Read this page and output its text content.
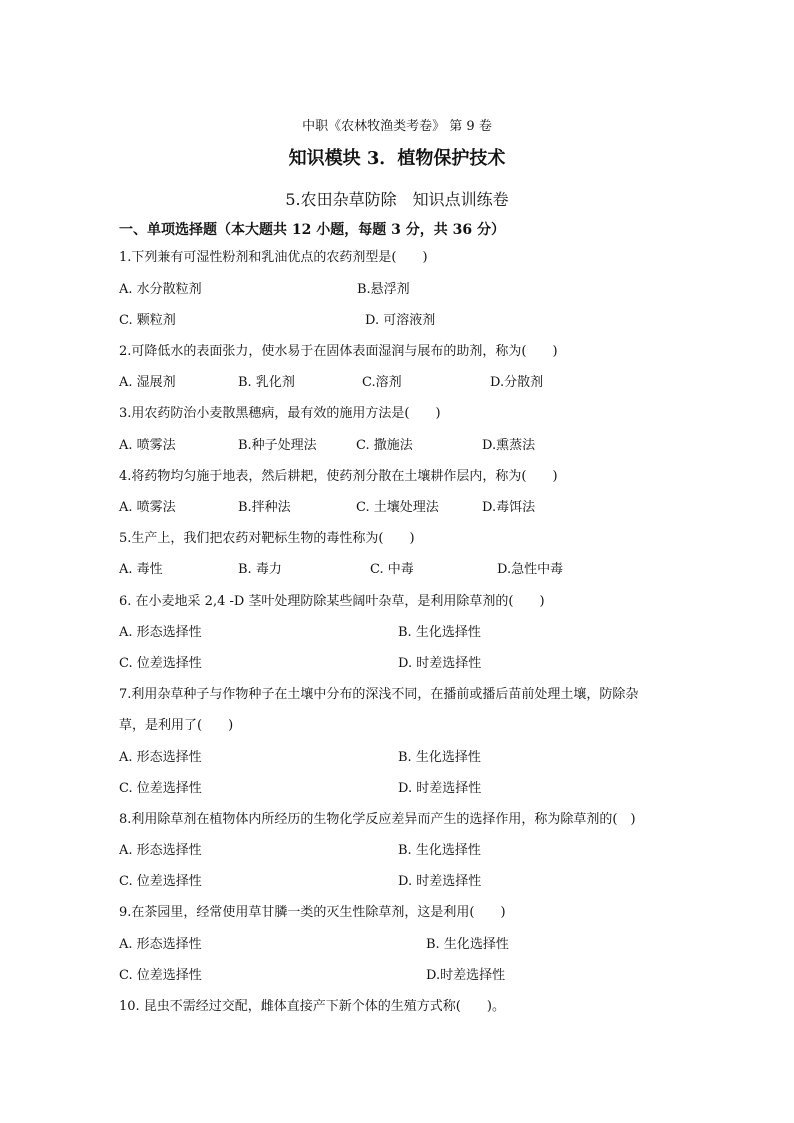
中职《农林牧渔类考卷》 第 9 卷
知识模块 3．植物保护技术
5.农田杂草防除　知识点训练卷
一、单项选择题（本大题共 12 小题，每题 3 分，共 36 分）
1.下列兼有可湿性粉剂和乳油优点的农药剂型是(　　)
A. 水分散粒剂	B.悬浮剂
C. 颗粒剂	D. 可溶液剂
2.可降低水的表面张力，使水易于在固体表面湿润与展布的助剂，称为(　　)
A. 湿展剂	B. 乳化剂	C.溶剂	D.分散剂
3.用农药防治小麦散黑穗病，最有效的施用方法是(　　)
A. 喷雾法	B.种子处理法	C. 撒施法	D.熏蒸法
4.将药物均匀施于地表，然后耕耙，使药剂分散在土壤耕作层内，称为(　　)
A. 喷雾法	B.拌种法	C. 土壤处理法	D.毒饵法
5.生产上，我们把农药对靶标生物的毒性称为(　　)
A. 毒性	B. 毒力	C. 中毒	D.急性中毒
6. 在小麦地采 2,4 -D 茎叶处理防除某些阔叶杂草，是利用除草剂的(　　)
A. 形态选择性	B. 生化选择性
C. 位差选择性	D. 时差选择性
7.利用杂草种子与作物种子在土壤中分布的深浅不同，在播前或播后苗前处理土壤，防除杂
草，是利用了(　　)
A. 形态选择性	B. 生化选择性
C. 位差选择性	D. 时差选择性
8.利用除草剂在植物体内所经历的生物化学反应差异而产生的选择作用，称为除草剂的(　)
A. 形态选择性	B. 生化选择性
C. 位差选择性	D. 时差选择性
9.在茶园里，经常使用草甘膦一类的灭生性除草剂，这是利用(　　)
A. 形态选择性	B. 生化选择性
C. 位差选择性	D.时差选择性
10. 昆虫不需经过交配，雌体直接产下新个体的生殖方式称(　　)。
